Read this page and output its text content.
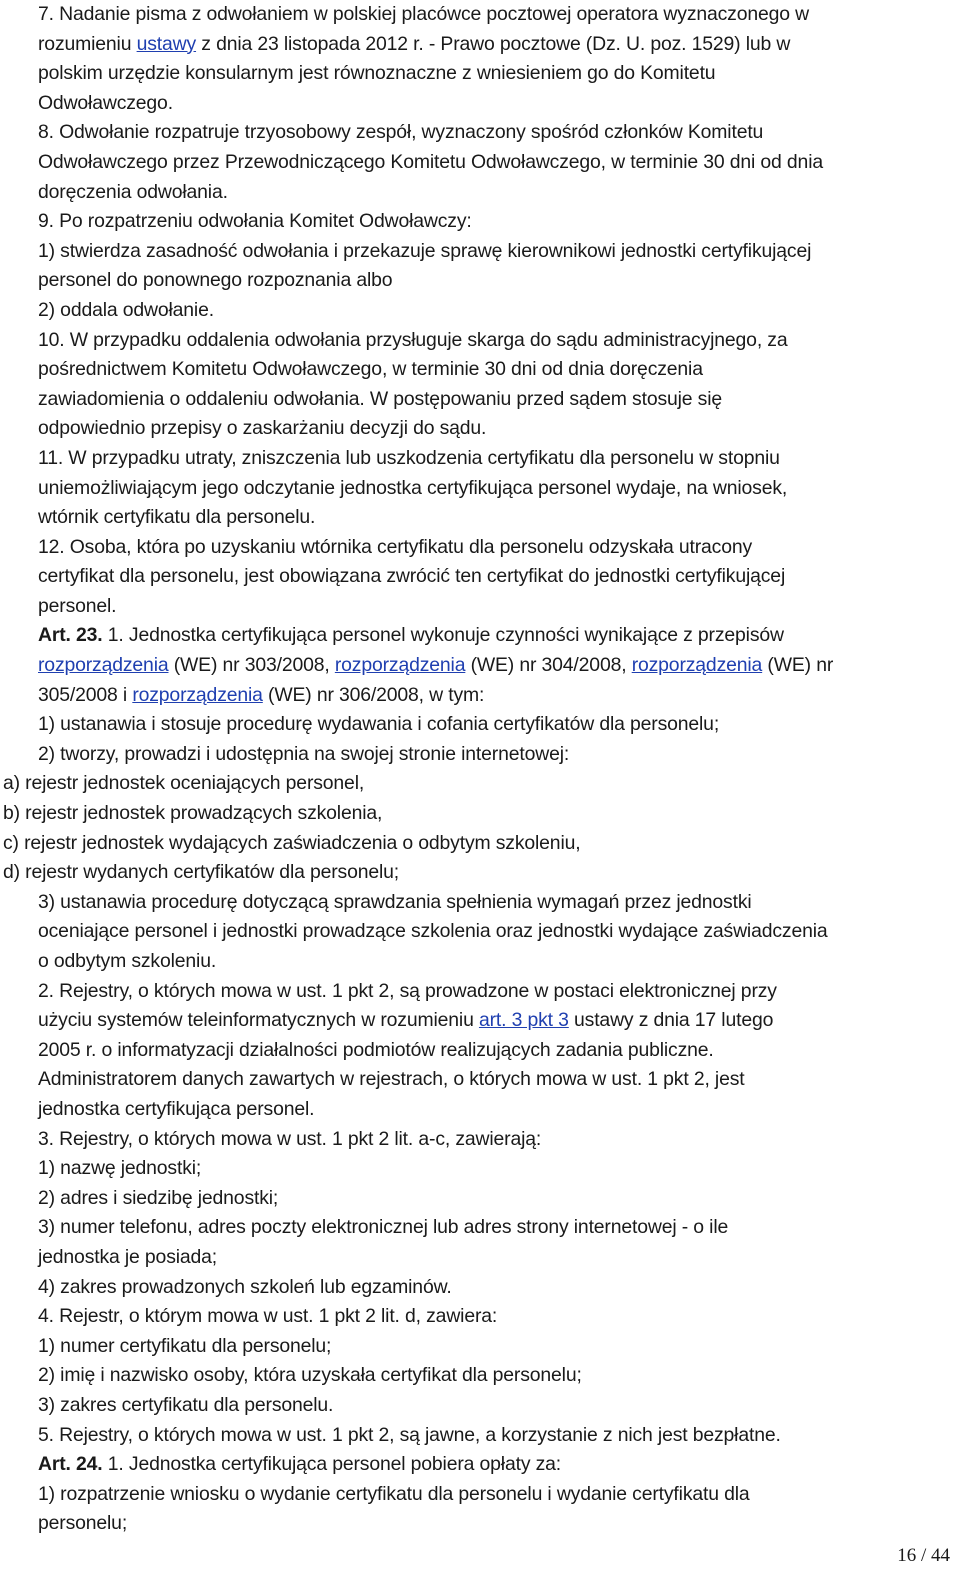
7. Nadanie pisma z odwołaniem w polskiej placówce pocztowej operatora wyznaczonego w
rozumieniu ustawy z dnia 23 listopada 2012 r. - Prawo pocztowe (Dz. U. poz. 1529) lub w
polskim urzędzie konsularnym jest równoznaczne z wniesieniem go do Komitetu
Odwoławczego.
8. Odwołanie rozpatruje trzyosobowy zespół, wyznaczony spośród członków Komitetu
Odwoławczego przez Przewodniczącego Komitetu Odwoławczego, w terminie 30 dni od dnia
doręczenia odwołania.
9. Po rozpatrzeniu odwołania Komitet Odwoławczy:
1) stwierdza zasadność odwołania i przekazuje sprawę kierownikowi jednostki certyfikującej
personel do ponownego rozpoznania albo
2) oddala odwołanie.
10. W przypadku oddalenia odwołania przysługuje skarga do sądu administracyjnego, za
pośrednictwem Komitetu Odwoławczego, w terminie 30 dni od dnia doręczenia
zawiadomienia o oddaleniu odwołania. W postępowaniu przed sądem stosuje się
odpowiednio przepisy o zaskarżaniu decyzji do sądu.
11. W przypadku utraty, zniszczenia lub uszkodzenia certyfikatu dla personelu w stopniu
uniemożliwiającym jego odczytanie jednostka certyfikująca personel wydaje, na wniosek,
wtórnik certyfikatu dla personelu.
12. Osoba, która po uzyskaniu wtórnika certyfikatu dla personelu odzyskała utracony
certyfikat dla personelu, jest obowiązana zwrócić ten certyfikat do jednostki certyfikującej
personel.
Art. 23. 1. Jednostka certyfikująca personel wykonuje czynności wynikające z przepisów
rozporządzenia (WE) nr 303/2008, rozporządzenia (WE) nr 304/2008, rozporządzenia (WE) nr
305/2008 i rozporządzenia (WE) nr 306/2008, w tym:
1) ustanawia i stosuje procedurę wydawania i cofania certyfikatów dla personelu;
2) tworzy, prowadzi i udostępnia na swojej stronie internetowej:
a) rejestr jednostek oceniających personel,
b) rejestr jednostek prowadzących szkolenia,
c) rejestr jednostek wydających zaświadczenia o odbytym szkoleniu,
d) rejestr wydanych certyfikatów dla personelu;
3) ustanawia procedurę dotyczącą sprawdzania spełnienia wymagań przez jednostki
oceniające personel i jednostki prowadzące szkolenia oraz jednostki wydające zaświadczenia
o odbytym szkoleniu.
2. Rejestry, o których mowa w ust. 1 pkt 2, są prowadzone w postaci elektronicznej przy
użyciu systemów teleinformatycznych w rozumieniu art. 3 pkt 3 ustawy z dnia 17 lutego
2005 r. o informatyzacji działalności podmiotów realizujących zadania publiczne.
Administratorem danych zawartych w rejestrach, o których mowa w ust. 1 pkt 2, jest
jednostka certyfikująca personel.
3. Rejestry, o których mowa w ust. 1 pkt 2 lit. a-c, zawierają:
1) nazwę jednostki;
2) adres i siedzibę jednostki;
3) numer telefonu, adres poczty elektronicznej lub adres strony internetowej - o ile
jednostka je posiada;
4) zakres prowadzonych szkoleń lub egzaminów.
4. Rejestr, o którym mowa w ust. 1 pkt 2 lit. d, zawiera:
1) numer certyfikatu dla personelu;
2) imię i nazwisko osoby, która uzyskała certyfikat dla personelu;
3) zakres certyfikatu dla personelu.
5. Rejestry, o których mowa w ust. 1 pkt 2, są jawne, a korzystanie z nich jest bezpłatne.
Art. 24. 1. Jednostka certyfikująca personel pobiera opłaty za:
1) rozpatrzenie wniosku o wydanie certyfikatu dla personelu i wydanie certyfikatu dla
personelu;
16 / 44
